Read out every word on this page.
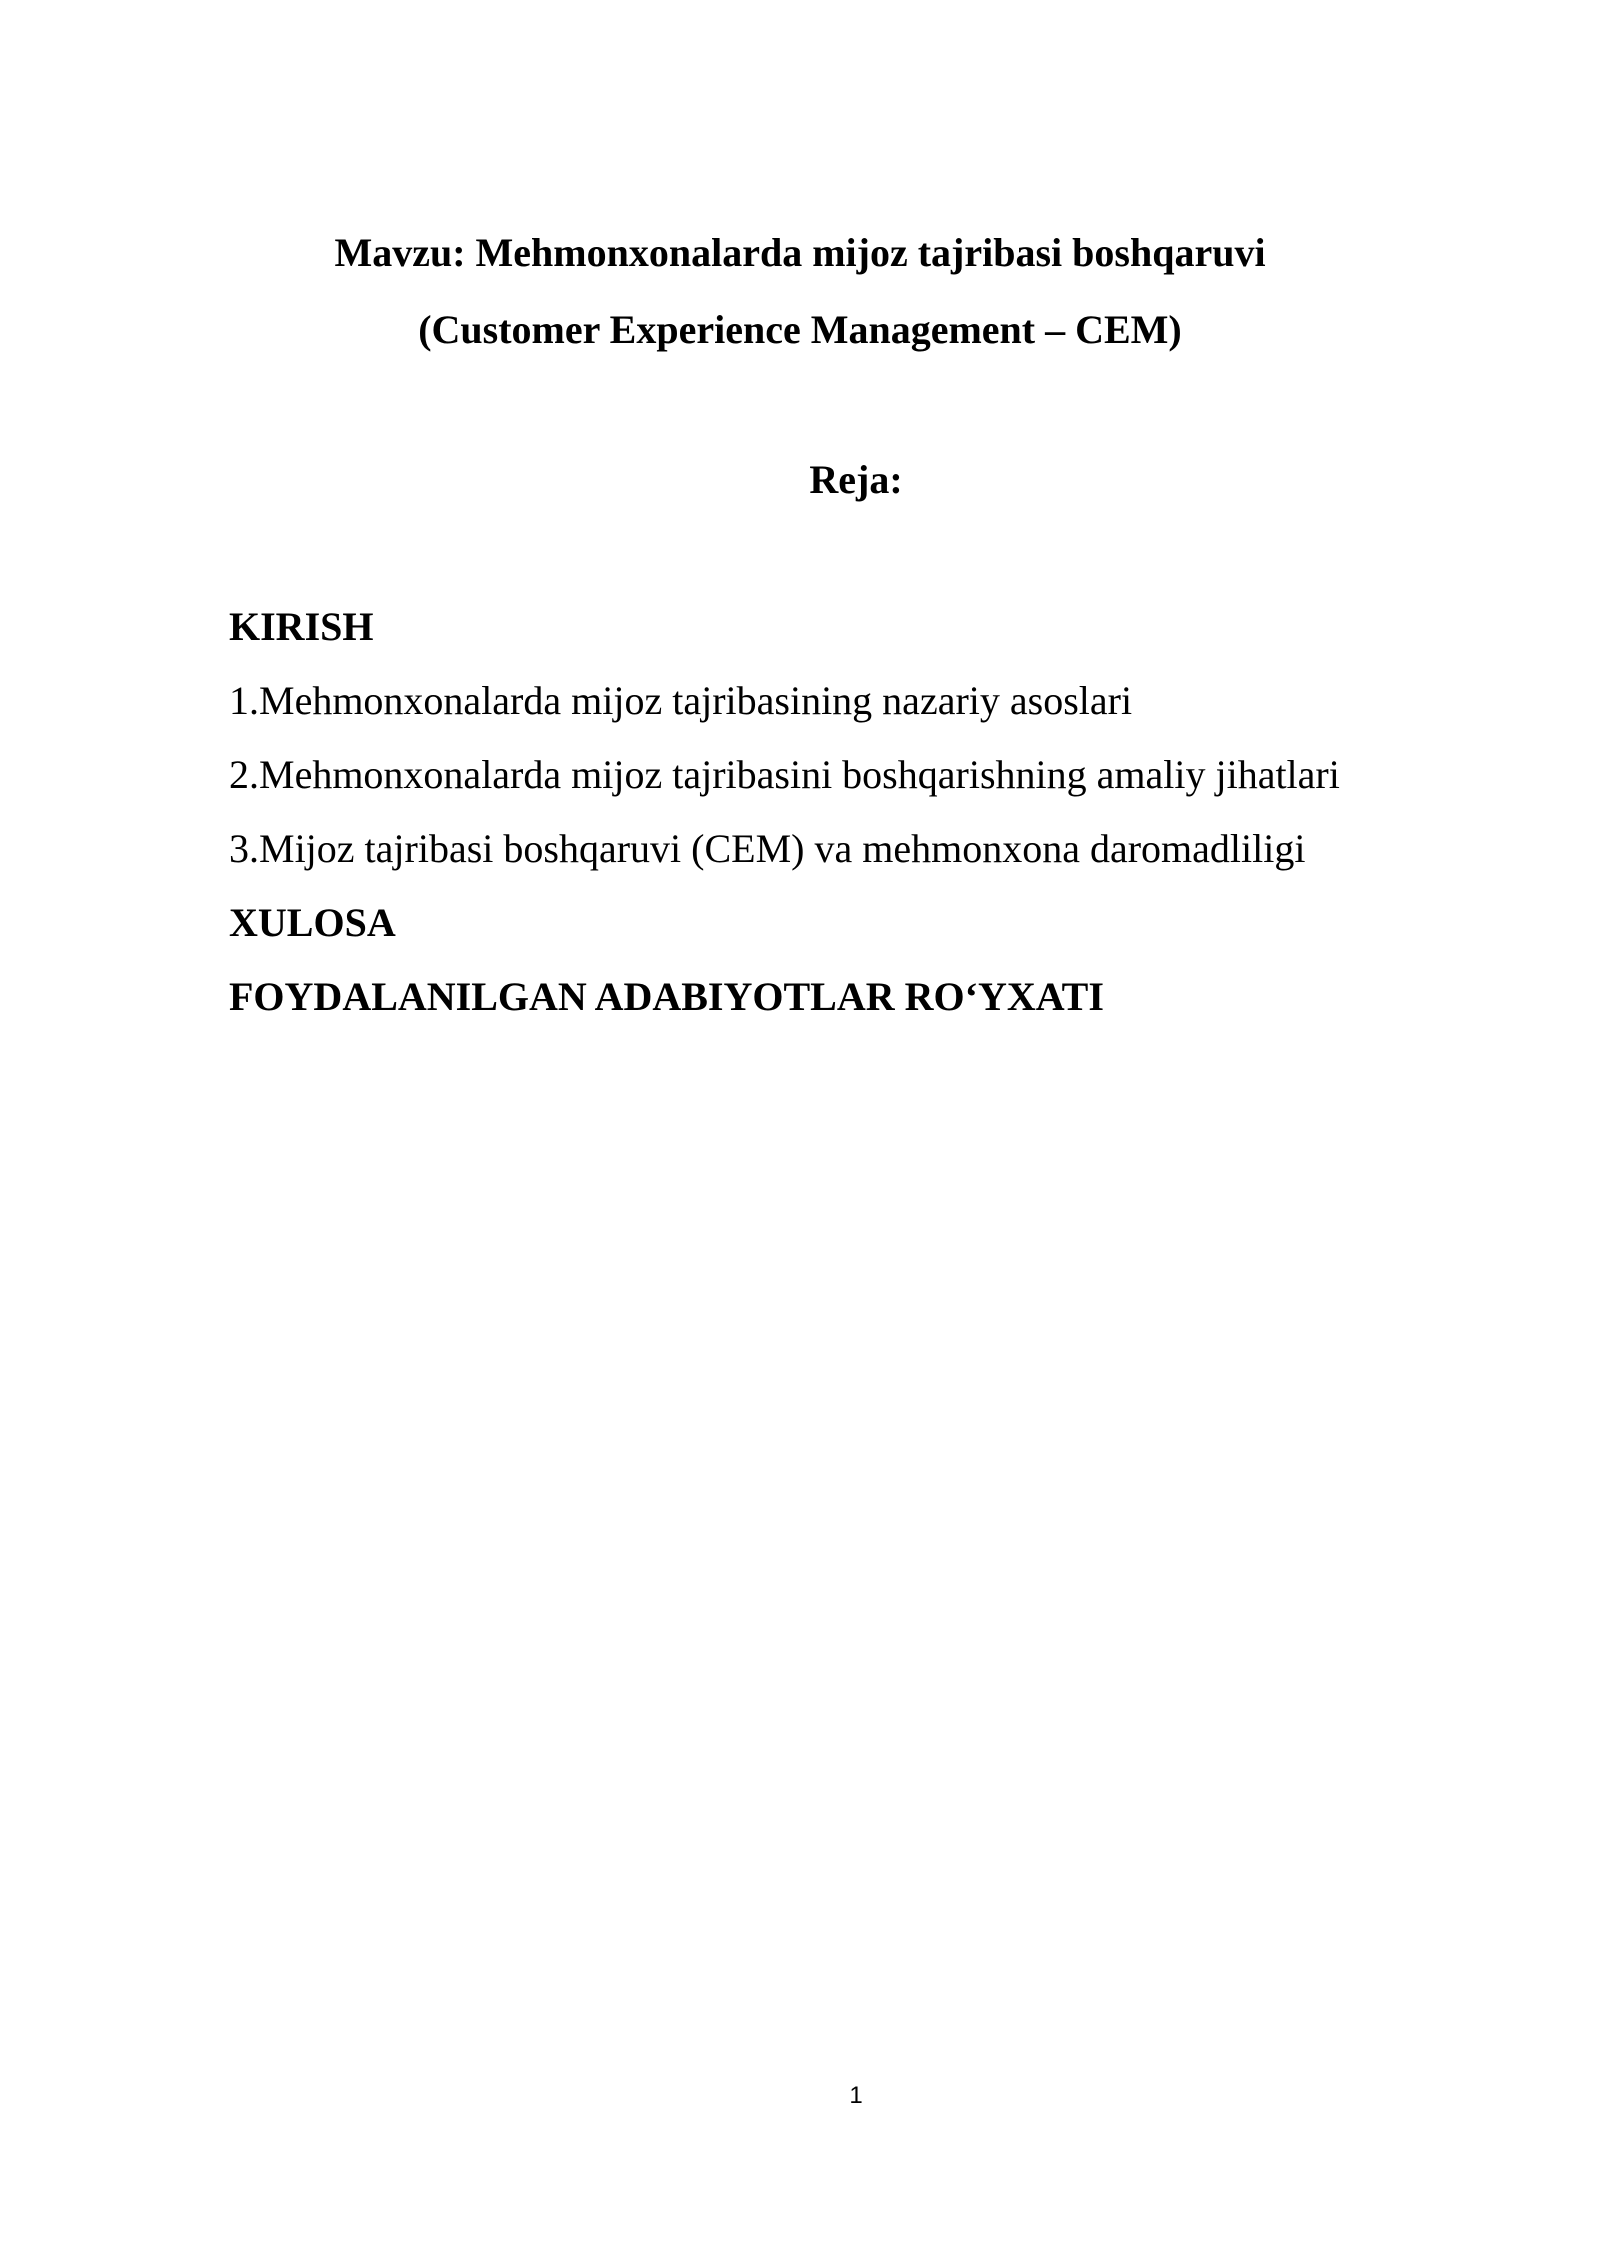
Mavzu: Mehmonxonalarda mijoz tajribasi boshqaruvi
(Customer Experience Management – CEM)
Reja:
KIRISH
1.Mehmonxonalarda mijoz tajribasining nazariy asoslari
2.Mehmonxonalarda mijoz tajribasini boshqarishning amaliy jihatlari
3.Mijoz tajribasi boshqaruvi (CEM) va mehmonxona daromadliligi
XULOSA
FOYDALANILGAN ADABIYOTLAR RO‘YXATI
1
